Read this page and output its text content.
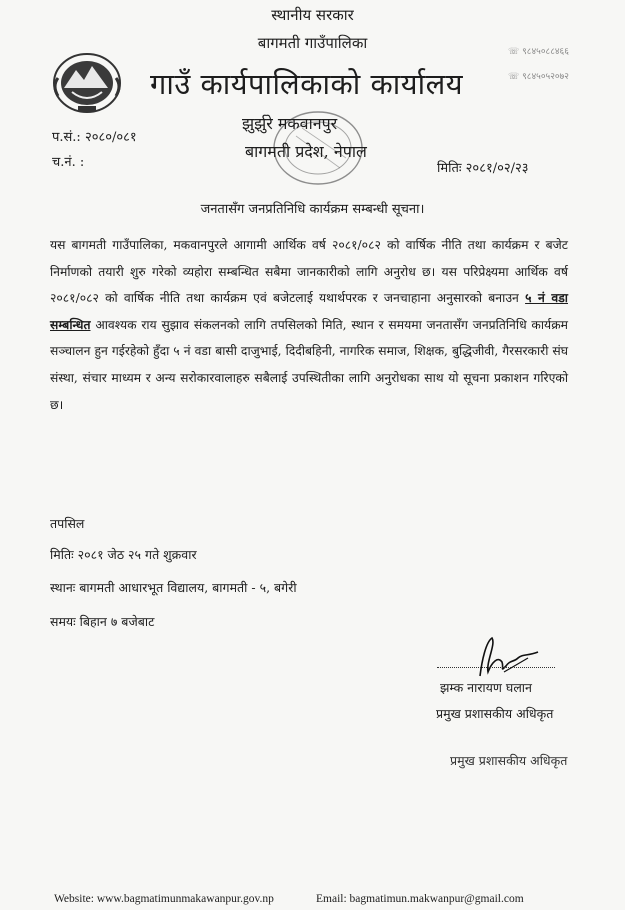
स्थानीय सरकार
बागमती गाउँपालिका
गाउँ कार्यपालिकाको कार्यालय
☏ ९८४५०८८४६६
☏ ९८४५०५२०७२
प.सं.: २०८०/०८१
च.नं. :
झुर्झुरे मकवानपुर
बागमती प्रदेश, नेपाल
मितिः २०८१/०२/२३
जनतासँग जनप्रतिनिधि कार्यक्रम सम्बन्धी सूचना।
यस बागमती गाउँपालिका, मकवानपुरले आगामी आर्थिक वर्ष २०८१/०८२ को वार्षिक नीति तथा कार्यक्रम र बजेट निर्माणको तयारी शुरु गरेको व्यहोरा सम्बन्धित सबैमा जानकारीको लागि अनुरोध छ। यस परिप्रेक्ष्यमा आर्थिक वर्ष २०८१/०८२ को वार्षिक नीति तथा कार्यक्रम एवं बजेटलाई यथार्थपरक र जनचाहाना अनुसारको बनाउन ५ नं वडा सम्बन्धित आवश्यक राय सुझाव संकलनको लागि तपसिलको मिति, स्थान र समयमा जनतासँग जनप्रतिनिधि कार्यक्रम सञ्चालन हुन गईरहेको हुँदा ५ नं वडा बासी दाजुभाई, दिदीबहिनी, नागरिक समाज, शिक्षक, बुद्धिजीवी, गैरसरकारी संघ संस्था, संचार माध्यम र अन्य सरोकारवालाहरु सबैलाई उपस्थितीका लागि अनुरोधका साथ यो सूचना प्रकाशन गरिएको छ।
तपसिल
मितिः २०८१ जेठ २५ गते शुक्रवार
स्थानः बागमती आधारभूत विद्यालय, बागमती - ५, बगेरी
समयः बिहान ७ बजेबाट
झम्क नारायण घलान
प्रमुख प्रशासकीय अधिकृत
प्रमुख प्रशासकीय अधिकृत
Website: www.bagmatimunmakawanpur.gov.np	Email: bagmatimun.makwanpur@gmail.com
